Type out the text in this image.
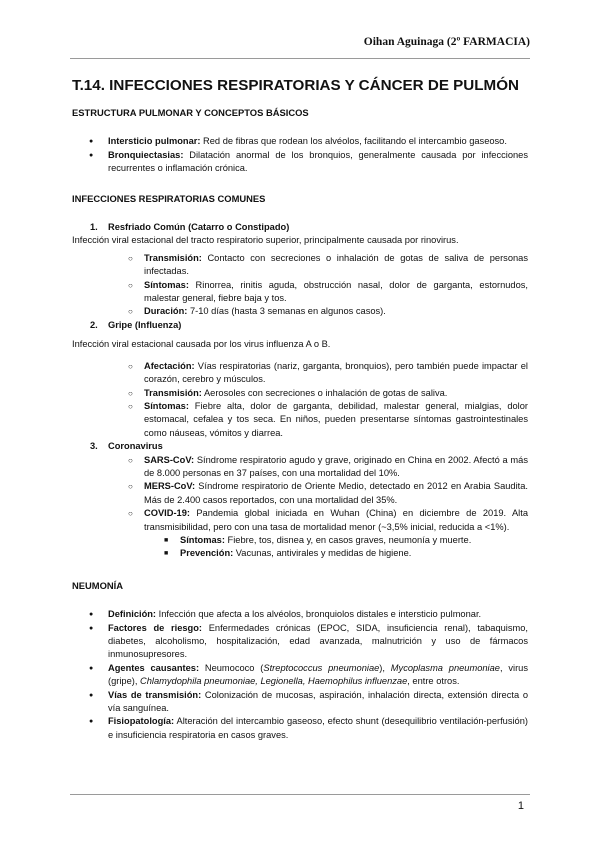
Oihan Aguinaga (2º FARMACIA)
T.14. INFECCIONES RESPIRATORIAS Y CÁNCER DE PULMÓN

ESTRUCTURA PULMONAR Y CONCEPTOS BÁSICOS

● Intersticio pulmonar: Red de fibras que rodean los alvéolos, facilitando el intercambio gaseoso.
● Bronquiectasias: Dilatación anormal de los bronquios, generalmente causada por infecciones recurrentes o inflamación crónica.

INFECCIONES RESPIRATORIAS COMUNES

1. Resfriado Común (Catarro o Constipado)

Infección viral estacional del tracto respiratorio superior, principalmente causada por rinovirus.

○ Transmisión: Contacto con secreciones o inhalación de gotas de saliva de personas infectadas.
○ Síntomas: Rinorrea, rinitis aguda, obstrucción nasal, dolor de garganta, estornudos, malestar general, fiebre baja y tos.
○ Duración: 7-10 días (hasta 3 semanas en algunos casos).

2. Gripe (Influenza)

Infección viral estacional causada por los virus influenza A o B.

○ Afectación: Vías respiratorias (nariz, garganta, bronquios), pero también puede impactar el corazón, cerebro y músculos.
○ Transmisión: Aerosoles con secreciones o inhalación de gotas de saliva.
○ Síntomas: Fiebre alta, dolor de garganta, debilidad, malestar general, mialgias, dolor estomacal, cefalea y tos seca. En niños, pueden presentarse síntomas gastrointestinales como náuseas, vómitos y diarrea.

3. Coronavirus

○ SARS-CoV: Síndrome respiratorio agudo y grave, originado en China en 2002. Afectó a más de 8.000 personas en 37 países, con una mortalidad del 10%.
○ MERS-CoV: Síndrome respiratorio de Oriente Medio, detectado en 2012 en Arabia Saudita. Más de 2.400 casos reportados, con una mortalidad del 35%.
○ COVID-19: Pandemia global iniciada en Wuhan (China) en diciembre de 2019. Alta transmisibilidad, pero con una tasa de mortalidad menor (~3,5% inicial, reducida a <1%).
■ Síntomas: Fiebre, tos, disnea y, en casos graves, neumonía y muerte.
■ Prevención: Vacunas, antivirales y medidas de higiene.

NEUMONÍA

● Definición: Infección que afecta a los alvéolos, bronquiolos distales e intersticio pulmonar.
● Factores de riesgo: Enfermedades crónicas (EPOC, SIDA, insuficiencia renal), tabaquismo, diabetes, alcoholismo, hospitalización, edad avanzada, malnutrición y uso de fármacos inmunosupresores.
● Agentes causantes: Neumococo (Streptococcus pneumoniae), Mycoplasma pneumoniae, virus (gripe), Chlamydophila pneumoniae, Legionella, Haemophilus influenzae, entre otros.
● Vías de transmisión: Colonización de mucosas, aspiración, inhalación directa, extensión directa o vía sanguínea.
● Fisiopatología: Alteración del intercambio gaseoso, efecto shunt (desequilibrio ventilación-perfusión) e insuficiencia respiratoria en casos graves.
1
